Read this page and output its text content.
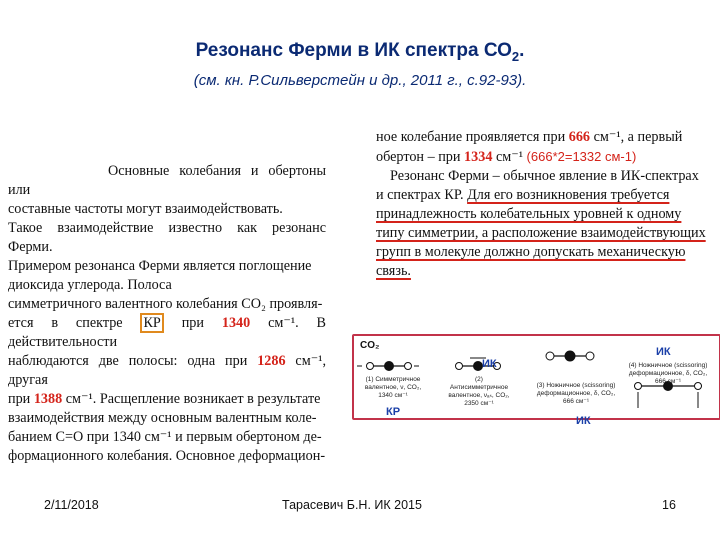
Резонанс Ферми в ИК спектра $СО_2$.
(см. кн. Р.Сильверстейн и др., 2011 г., с.92-93).

Основные колебания и обертоны или

составные частоты могут взаимодействовать.

Такое взаимодействие известно как резонанс Ферми.

Примером резонанса Ферми является поглощение

диоксида углерода. Полоса

симметричного валентного колебания CO₂ проявля-

ется в спектре КР при 1340 см⁻¹. В действительности

наблюдаются две полосы: одна при 1286 см⁻¹, другая

при 1388 см⁻¹. Расщепление возникает в результате

взаимодействия между основным валентным коле-

банием C=O при 1340 см⁻¹ и первым обертоном де-

формационного колебания. Основное деформацион-

ное колебание проявляется при 666 см⁻¹, а первый

обертон – при 1334 см⁻¹ (666*2=1332 см-1)

Резонанс Ферми – обычное явление в ИК-спектрах

и спектрах КР. Для его возникновения требуется

принадлежность колебательных уровней к одному

типу симметрии, а расположение взаимодействующих

групп в молекуле должно допускать механическую

связь.

CO₂
(1) Симметричное валентное, ν, CO₂, 1340 см⁻¹
ИК
(2) Антисимметричное валентное, νₐₛ, CO₂, 2350 см⁻¹
КР
(3) Ножничное (scissoring) деформационное, δ, CO₂, 666 см⁻¹
ИК
ИК
(4) Ножничное (scissoring) деформационное, δ, CO₂, 666 см⁻¹
2/11/2018	Тарасевич Б.Н. ИК 2015	16
